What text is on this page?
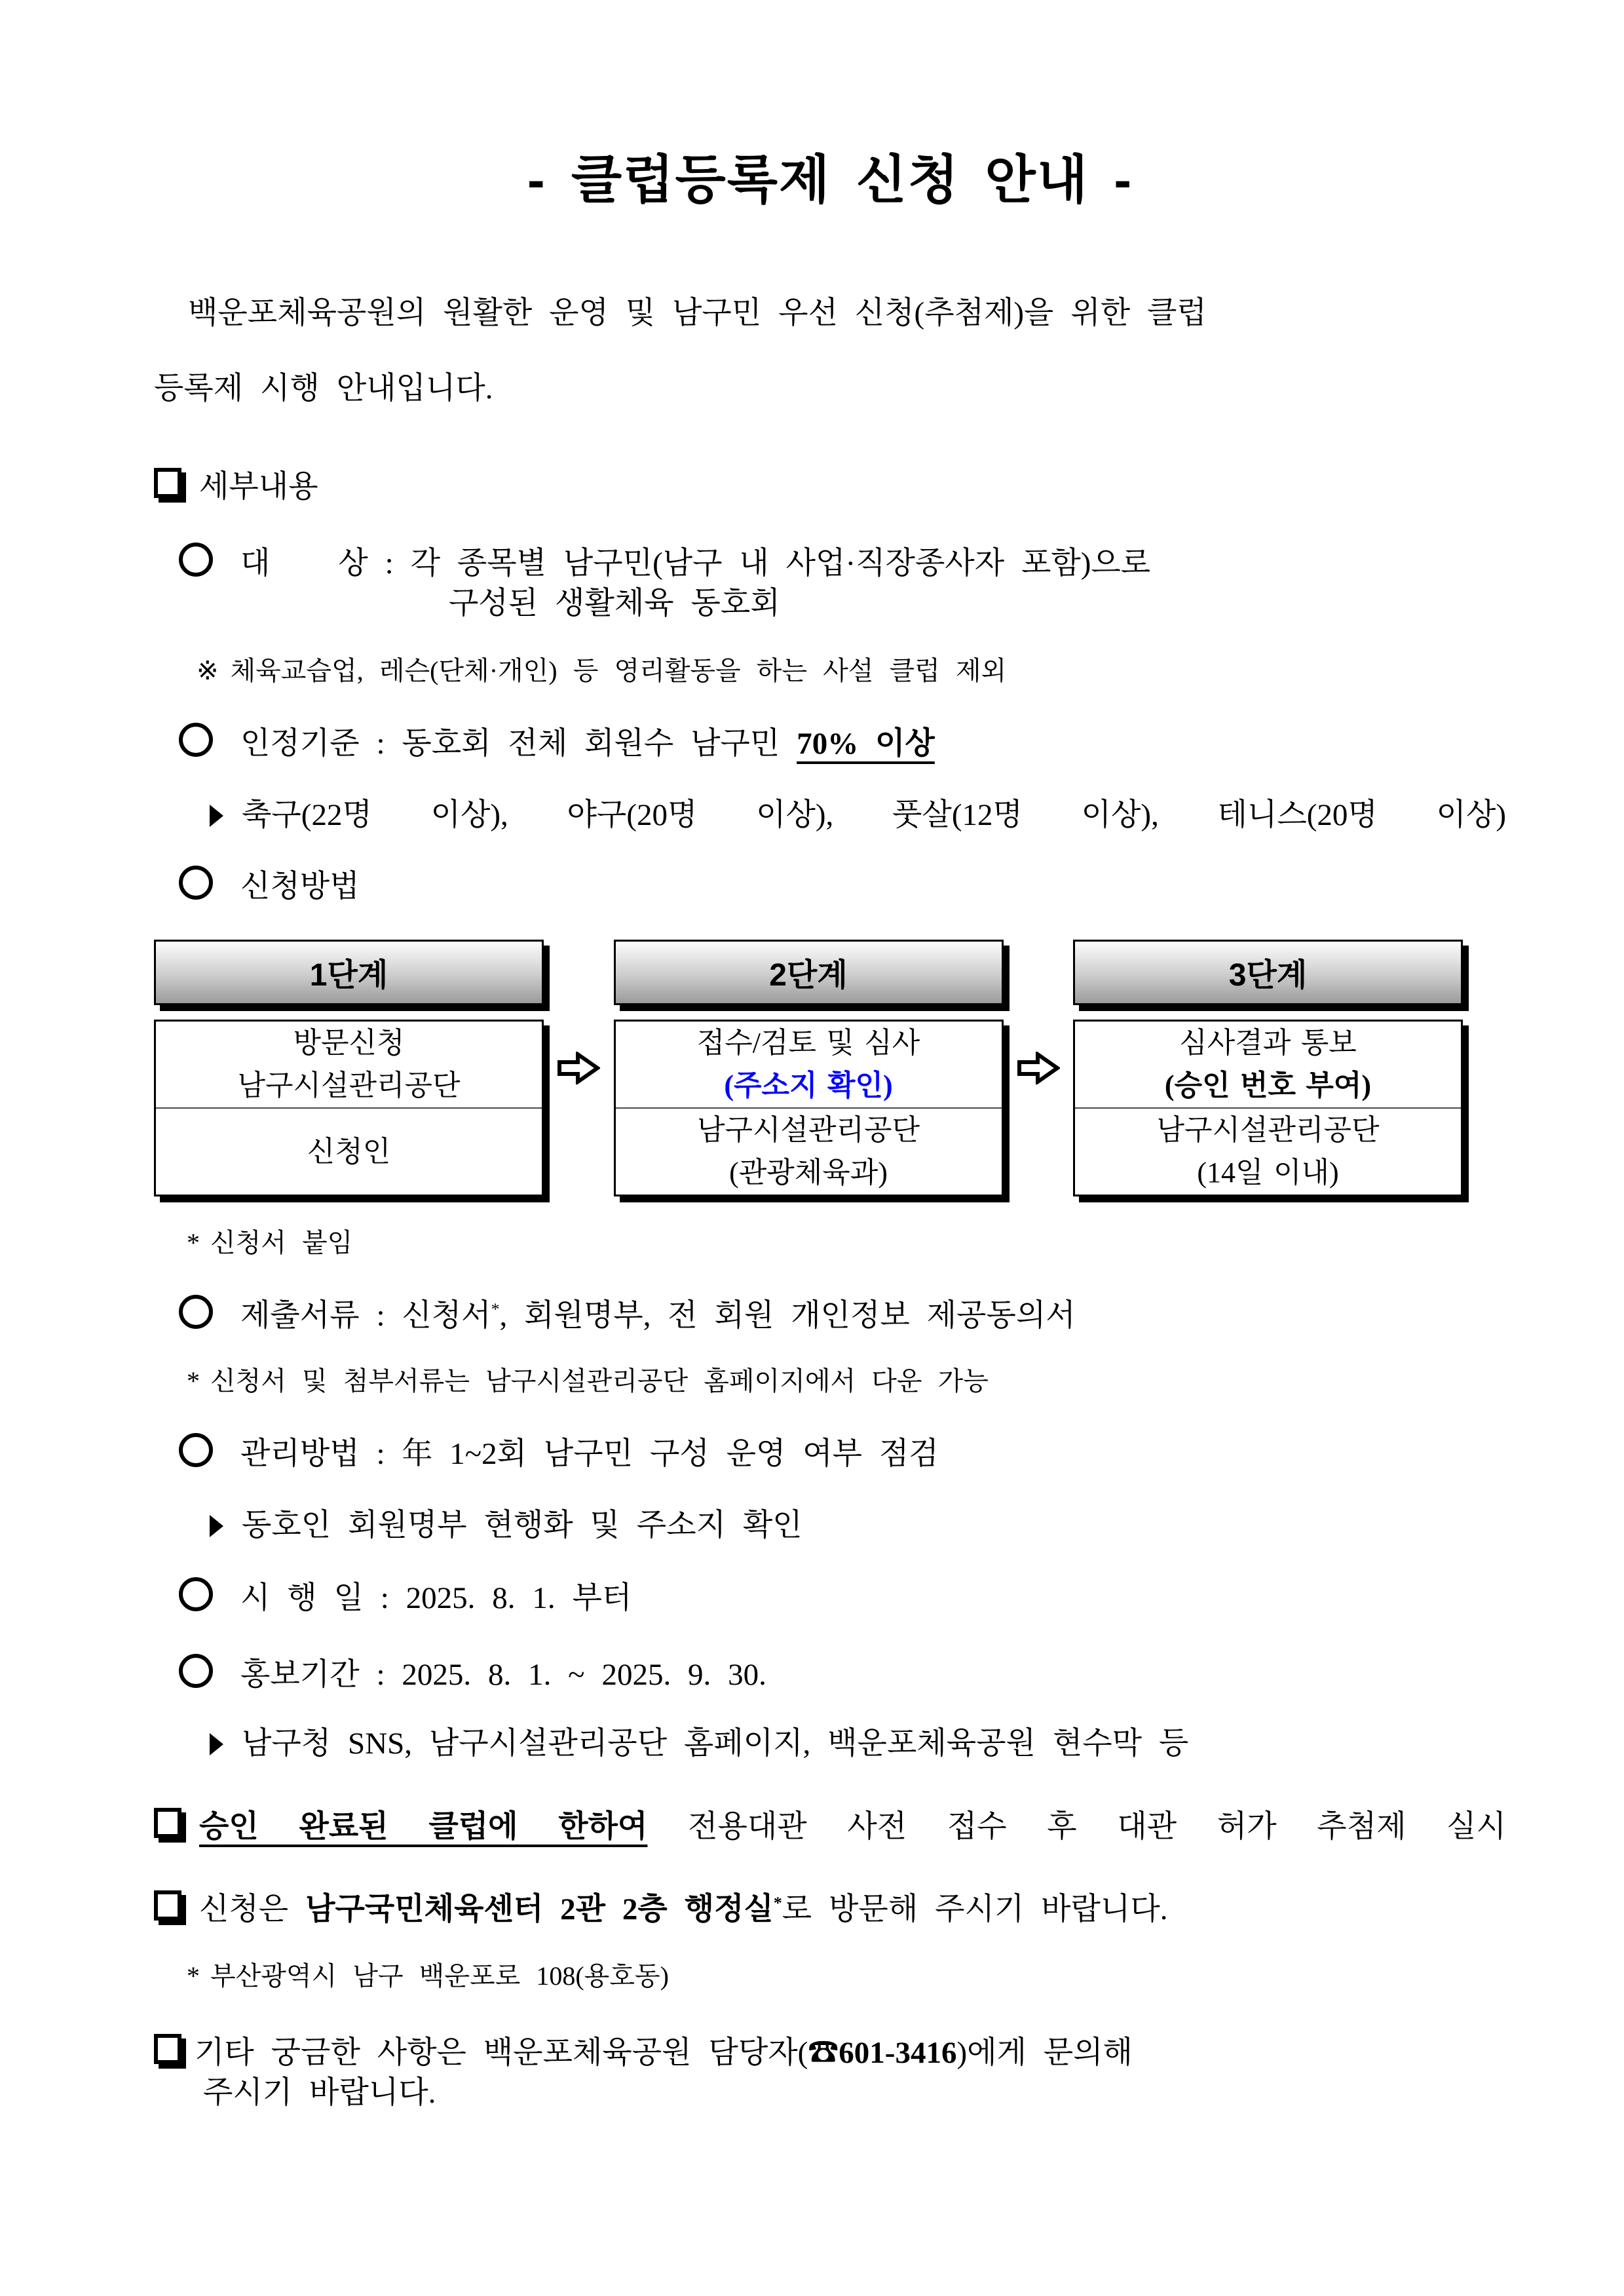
- 클럽등록제 신청 안내 -
백운포체육공원의 원활한 운영 및 남구민 우선 신청(추첨제)을 위한 클럽
등록제 시행 안내입니다.
세부내용
대 상 : 각 종목별 남구민(남구 내 사업·직장종사자 포함)으로
구성된 생활체육 동호회
※ 체육교습업, 레슨(단체·개인) 등 영리활동을 하는 사설 클럽 제외
인정기준 : 동호회 전체 회원수 남구민 70% 이상
축구(22명 이상), 야구(20명 이상), 풋살(12명 이상), 테니스(20명 이상)
신청방법
1단계
방문신청
남구시설관리공단
신청인
2단계
접수/검토 및 심사
(주소지 확인)
남구시설관리공단
(관광체육과)
3단계
심사결과 통보
(승인 번호 부여)
남구시설관리공단
(14일 이내)
* 신청서 붙임
제출서류 : 신청서*, 회원명부, 전 회원 개인정보 제공동의서
* 신청서 및 첨부서류는 남구시설관리공단 홈페이지에서 다운 가능
관리방법 : 年 1~2회 남구민 구성 운영 여부 점검
동호인 회원명부 현행화 및 주소지 확인
시 행 일 : 2025. 8. 1. 부터
홍보기간 : 2025. 8. 1. ~ 2025. 9. 30.
남구청 SNS, 남구시설관리공단 홈페이지, 백운포체육공원 현수막 등
승인 완료된 클럽에 한하여 전용대관 사전 접수 후 대관 허가 추첨제 실시
신청은 남구국민체육센터 2관 2층 행정실*로 방문해 주시기 바랍니다.
* 부산광역시 남구 백운포로 108(용호동)
기타 궁금한 사항은 백운포체육공원 담당자(☎601-3416)에게 문의해
주시기 바랍니다.
